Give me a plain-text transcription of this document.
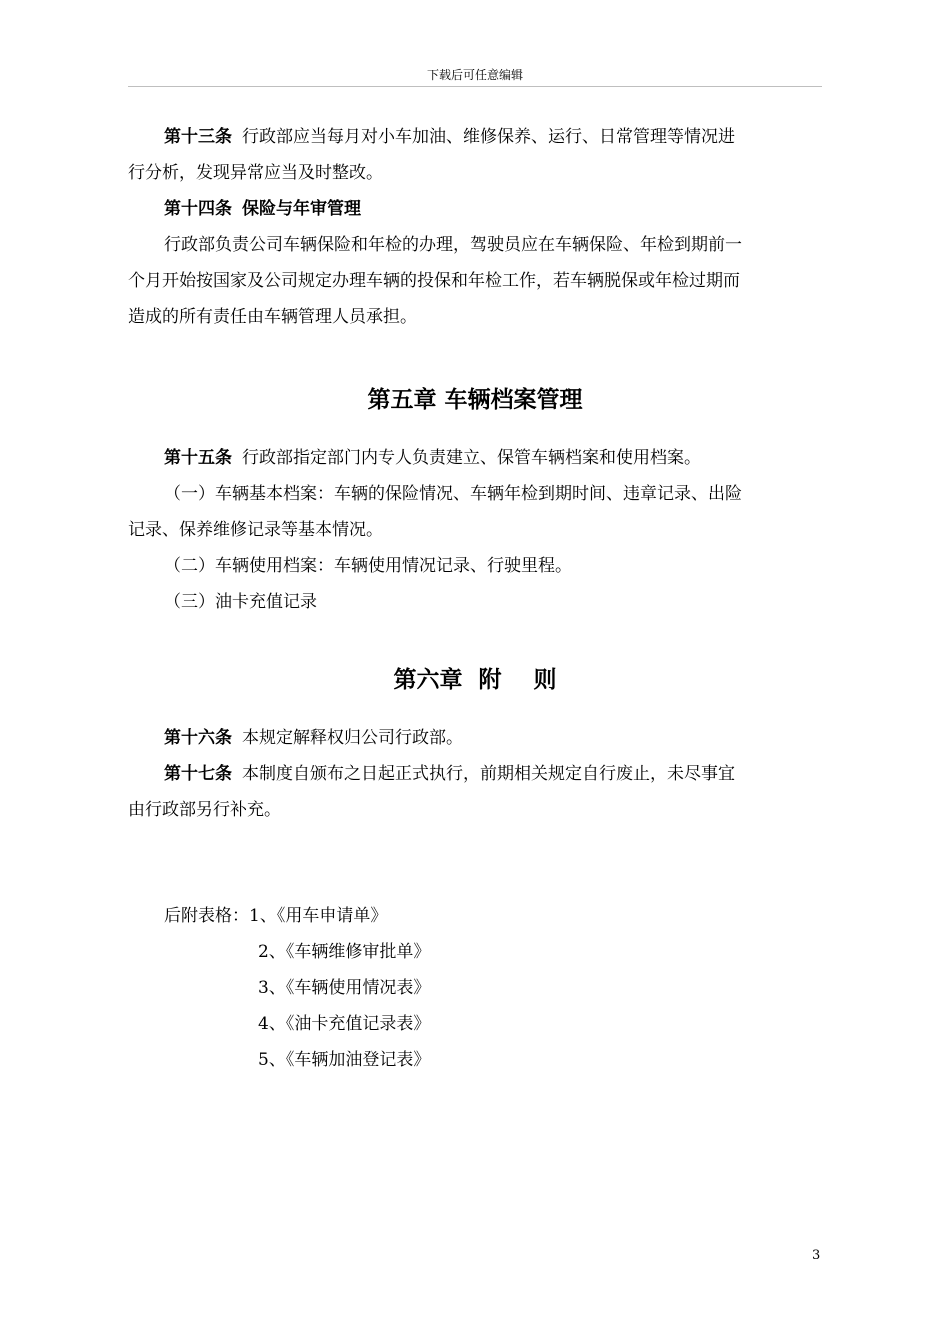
下载后可任意编辑
第十三条 行政部应当每月对小车加油、维修保养、运行、日常管理等情况进
行分析，发现异常应当及时整改。
第十四条 保险与年审管理
行政部负责公司车辆保险和年检的办理，驾驶员应在车辆保险、年检到期前一
个月开始按国家及公司规定办理车辆的投保和年检工作，若车辆脱保或年检过期而
造成的所有责任由车辆管理人员承担。
第五章 车辆档案管理
第十五条 行政部指定部门内专人负责建立、保管车辆档案和使用档案。
（一）车辆基本档案：车辆的保险情况、车辆年检到期时间、违章记录、出险
记录、保养维修记录等基本情况。
（二）车辆使用档案：车辆使用情况记录、行驶里程。
（三）油卡充值记录
第六章  附    则
第十六条 本规定解释权归公司行政部。
第十七条 本制度自颁布之日起正式执行，前期相关规定自行废止，未尽事宜
由行政部另行补充。
后附表格：1、《用车申请单》
2、《车辆维修审批单》
3、《车辆使用情况表》
4、《油卡充值记录表》
5、《车辆加油登记表》
3
